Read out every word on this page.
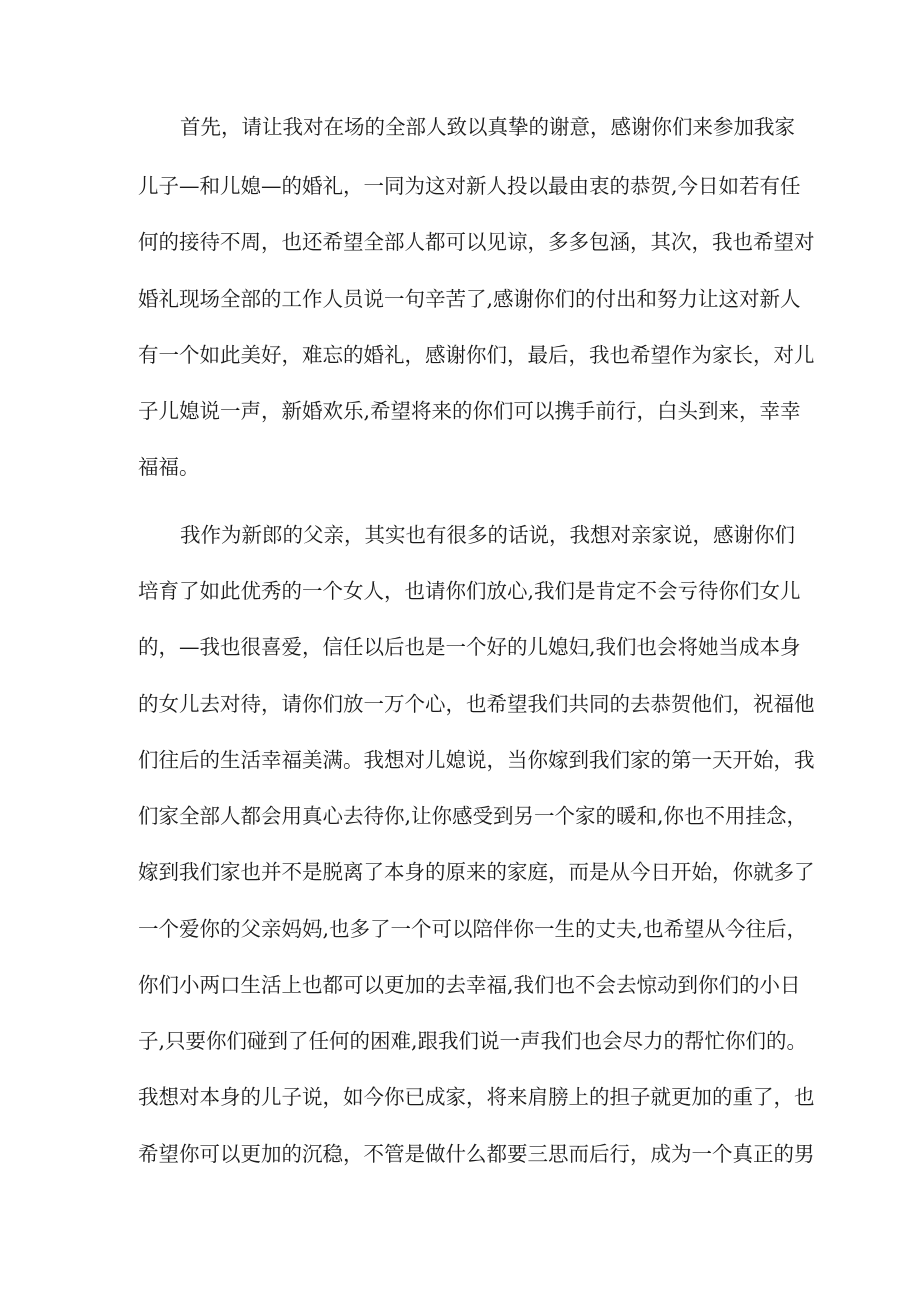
首先，请让我对在场的全部人致以真挚的谢意，感谢你们来参加我家
儿子—和儿媳—的婚礼，一同为这对新人投以最由衷的恭贺,今日如若有任
何的接待不周，也还希望全部人都可以见谅，多多包涵，其次，我也希望对
婚礼现场全部的工作人员说一句辛苦了,感谢你们的付出和努力让这对新人
有一个如此美好，难忘的婚礼，感谢你们，最后，我也希望作为家长，对儿
子儿媳说一声，新婚欢乐,希望将来的你们可以携手前行，白头到来，幸幸
福福。
我作为新郎的父亲，其实也有很多的话说，我想对亲家说，感谢你们
培育了如此优秀的一个女人，也请你们放心,我们是肯定不会亏待你们女儿
的，—我也很喜爱，信任以后也是一个好的儿媳妇,我们也会将她当成本身
的女儿去对待，请你们放一万个心，也希望我们共同的去恭贺他们，祝福他
们往后的生活幸福美满。我想对儿媳说，当你嫁到我们家的第一天开始，我
们家全部人都会用真心去待你,让你感受到另一个家的暖和,你也不用挂念，
嫁到我们家也并不是脱离了本身的原来的家庭，而是从今日开始，你就多了
一个爱你的父亲妈妈,也多了一个可以陪伴你一生的丈夫,也希望从今往后，
你们小两口生活上也都可以更加的去幸福,我们也不会去惊动到你们的小日
子,只要你们碰到了任何的困难,跟我们说一声我们也会尽力的帮忙你们的。
我想对本身的儿子说，如今你已成家，将来肩膀上的担子就更加的重了，也
希望你可以更加的沉稳，不管是做什么都要三思而后行，成为一个真正的男
